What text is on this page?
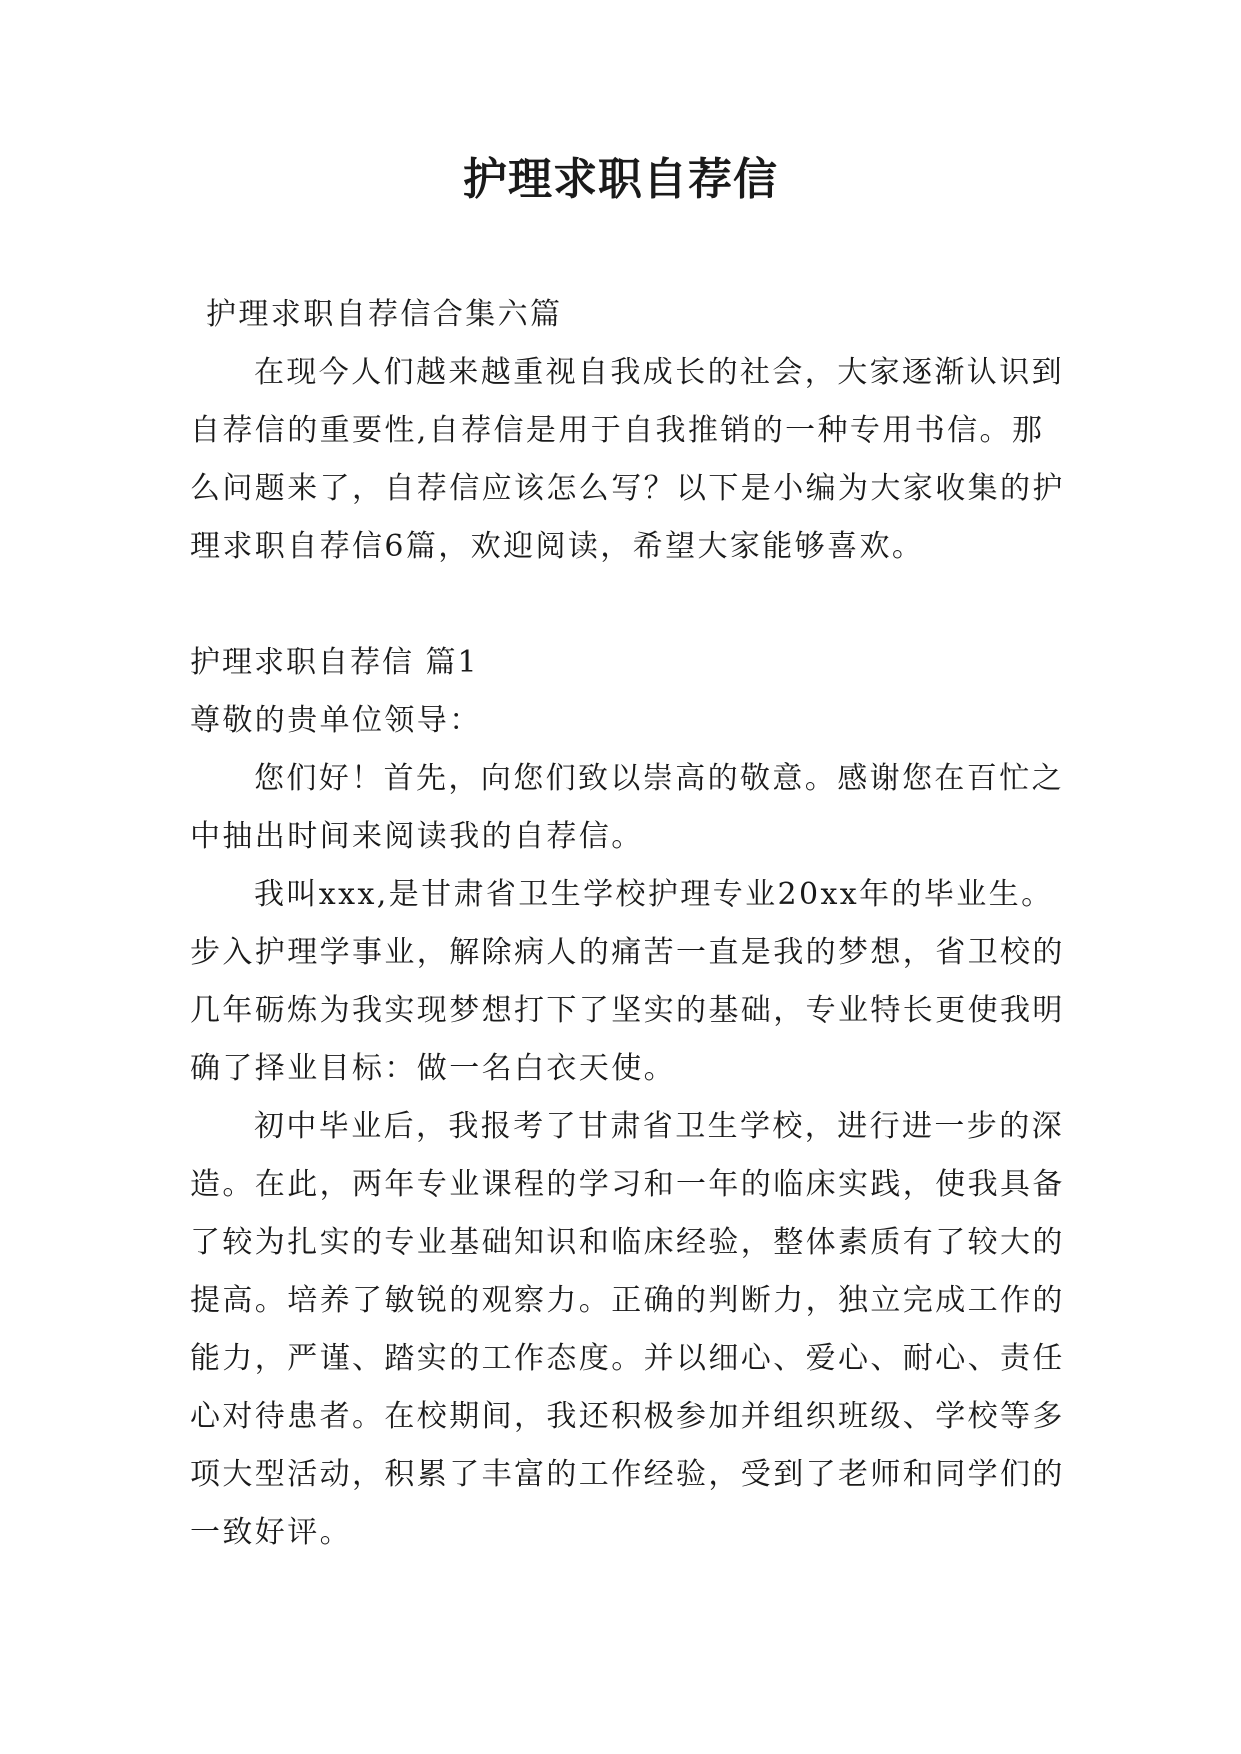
护理求职自荐信

护理求职自荐信合集六篇

在现今人们越来越重视自我成长的社会，大家逐渐认识到自荐信的重要性,自荐信是用于自我推销的一种专用书信。那么问题来了，自荐信应该怎么写？以下是小编为大家收集的护理求职自荐信6篇，欢迎阅读，希望大家能够喜欢。

护理求职自荐信 篇1

尊敬的贵单位领导：

您们好！首先，向您们致以崇高的敬意。感谢您在百忙之中抽出时间来阅读我的自荐信。

我叫xxx,是甘肃省卫生学校护理专业20xx年的毕业生。步入护理学事业，解除病人的痛苦一直是我的梦想，省卫校的几年砺炼为我实现梦想打下了坚实的基础，专业特长更使我明确了择业目标：做一名白衣天使。

初中毕业后，我报考了甘肃省卫生学校，进行进一步的深造。在此，两年专业课程的学习和一年的临床实践，使我具备了较为扎实的专业基础知识和临床经验，整体素质有了较大的提高。培养了敏锐的观察力。正确的判断力，独立完成工作的能力，严谨、踏实的工作态度。并以细心、爱心、耐心、责任心对待患者。在校期间，我还积极参加并组织班级、学校等多项大型活动，积累了丰富的工作经验，受到了老师和同学们的一致好评。
